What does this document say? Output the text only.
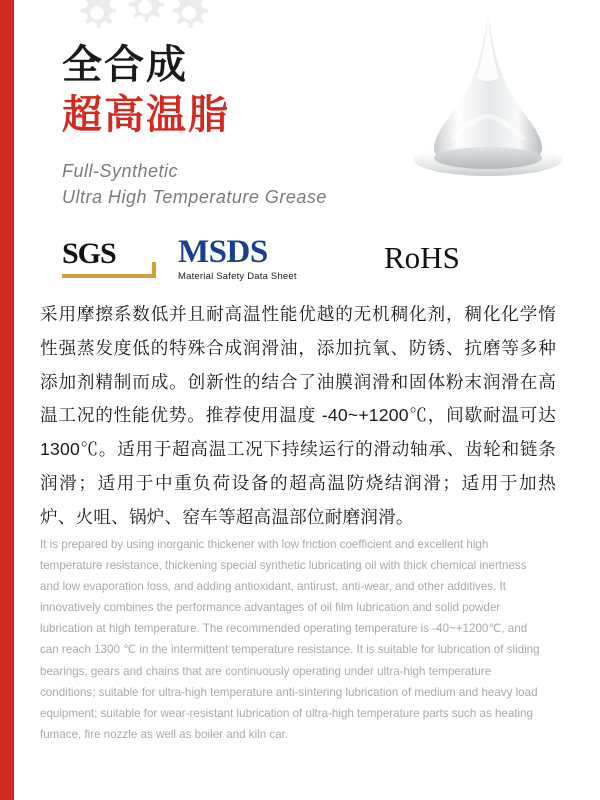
全合成
超高温脂
Full-Synthetic
Ultra High Temperature Grease
SGS	MSDS
Material Safety Data Sheet
RoHS
采用摩擦系数低并且耐高温性能优越的无机稠化剂，稠化化学惰性强蒸发度低的特殊合成润滑油，添加抗氧、防锈、抗磨等多种添加剂精制而成。创新性的结合了油膜润滑和固体粉末润滑在高温工况的性能优势。推荐使用温度 -40~+1200℃，间歇耐温可达 1300℃。适用于超高温工况下持续运行的滑动轴承、齿轮和链条润滑；适用于中重负荷设备的超高温防烧结润滑；适用于加热炉、火咀、锅炉、窑车等超高温部位耐磨润滑。
It is prepared by using inorganic thickener with low friction coefficient and excellent high temperature resistance, thickening special synthetic lubricating oil with thick chemical inertness and low evaporation loss, and adding antioxidant, antirust, anti-wear, and other additives. It innovatively combines the performance advantages of oil film lubrication and solid powder lubrication at high temperature. The recommended operating temperature is -40~+1200℃, and can reach 1300 ℃ in the intermittent temperature resistance. It is suitable for lubrication of sliding bearings, gears and chains that are continuously operating under ultra-high temperature conditions; suitable for ultra-high temperature anti-sintering lubrication of medium and heavy load equipment; suitable for wear-resistant lubrication of ultra-high temperature parts such as heating fumace, fire nozzle as well as boiler and kiln car.
